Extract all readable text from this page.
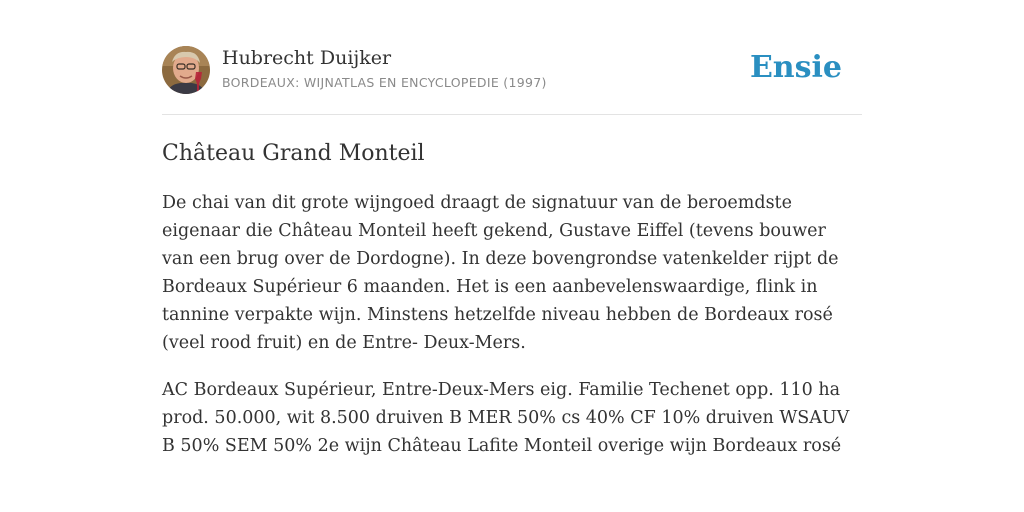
Hubrecht Duijker
BORDEAUX: WIJNATLAS EN ENCYCLOPEDIE (1997)	Ensie
Château Grand Monteil

De chai van dit grote wijngoed draagt de signatuur van de beroemdste eigenaar die Château Monteil heeft gekend, Gustave Eiffel (tevens bouwer van een brug over de Dordogne). In deze bovengrondse vatenkelder rijpt de Bordeaux Supérieur 6 maanden. Het is een aanbevelenswaardige, flink in tannine verpakte wijn. Minstens hetzelfde niveau hebben de Bordeaux rosé (veel rood fruit) en de Entre- Deux-Mers.

AC Bordeaux Supérieur, Entre-Deux-Mers eig. Familie Techenet opp. 110 ha prod. 50.000, wit 8.500 druiven B MER 50% cs 40% CF 10% druiven WSAUV B 50% SEM 50% 2e wijn Château Lafite Monteil overige wijn Bordeaux rosé
